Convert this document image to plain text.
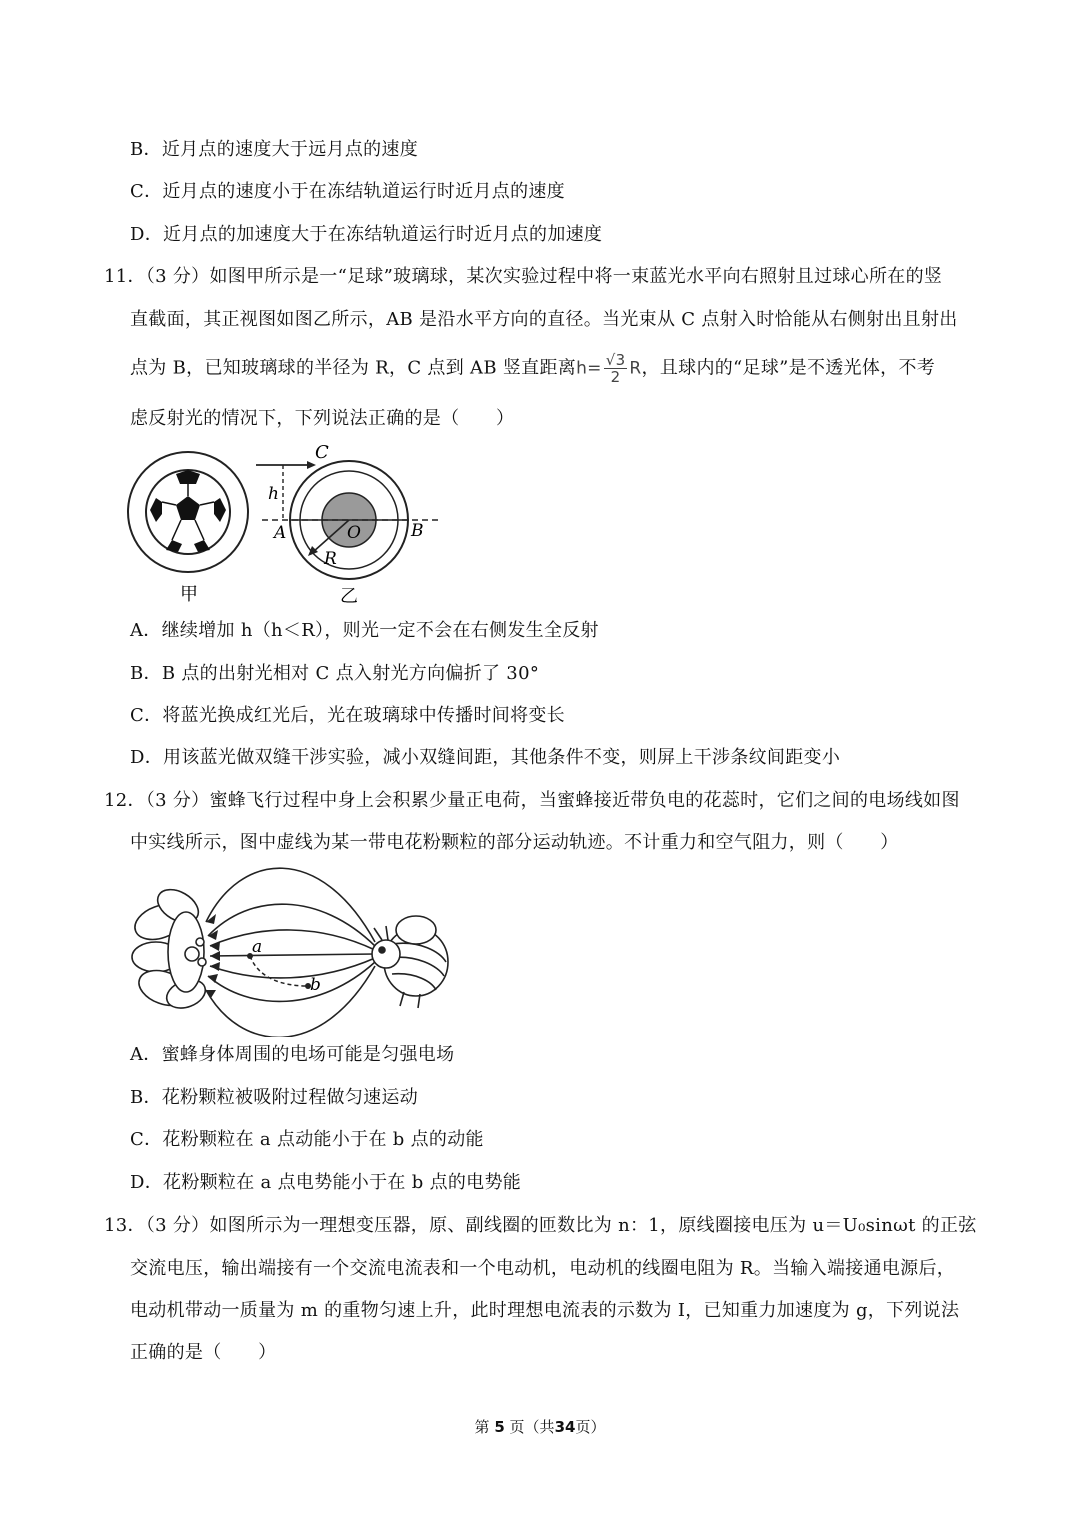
B．近月点的速度大于远月点的速度
C．近月点的速度小于在冻结轨道运行时近月点的速度
D．近月点的加速度大于在冻结轨道运行时近月点的加速度
11．（3 分）如图甲所示是一“足球”玻璃球，某次实验过程中将一束蓝光水平向右照射且过球心所在的竖
直截面，其正视图如图乙所示，AB 是沿水平方向的直径。当光束从 C 点射入时恰能从右侧射出且射出
点为 B，已知玻璃球的半径为 R，C 点到 AB 竖直距离$h= \frac{√3}{2}$ R，且球内的“足球”是不透光体，不考
虑反射光的情况下，下列说法正确的是（　　）
甲
C
h
A	O	B
R
乙
A．继续增加 h（h＜R），则光一定不会在右侧发生全反射
B．B 点的出射光相对 C 点入射光方向偏折了 30°
C．将蓝光换成红光后，光在玻璃球中传播时间将变长
D．用该蓝光做双缝干涉实验，减小双缝间距，其他条件不变，则屏上干涉条纹间距变小
12．（3 分）蜜蜂飞行过程中身上会积累少量正电荷，当蜜蜂接近带负电的花蕊时，它们之间的电场线如图
中实线所示，图中虚线为某一带电花粉颗粒的部分运动轨迹。不计重力和空气阻力，则（　　）
a
b
A．蜜蜂身体周围的电场可能是匀强电场
B．花粉颗粒被吸附过程做匀速运动
C．花粉颗粒在 a 点动能小于在 b 点的动能
D．花粉颗粒在 a 点电势能小于在 b 点的电势能
13．（3 分）如图所示为一理想变压器，原、副线圈的匝数比为 n：1，原线圈接电压为 u＝U₀sinωt 的正弦
交流电压，输出端接有一个交流电流表和一个电动机，电动机的线圈电阻为 R。当输入端接通电源后，
电动机带动一质量为 m 的重物匀速上升，此时理想电流表的示数为 I，已知重力加速度为 g，下列说法
正确的是（　　）
第 5 页（共34页）
